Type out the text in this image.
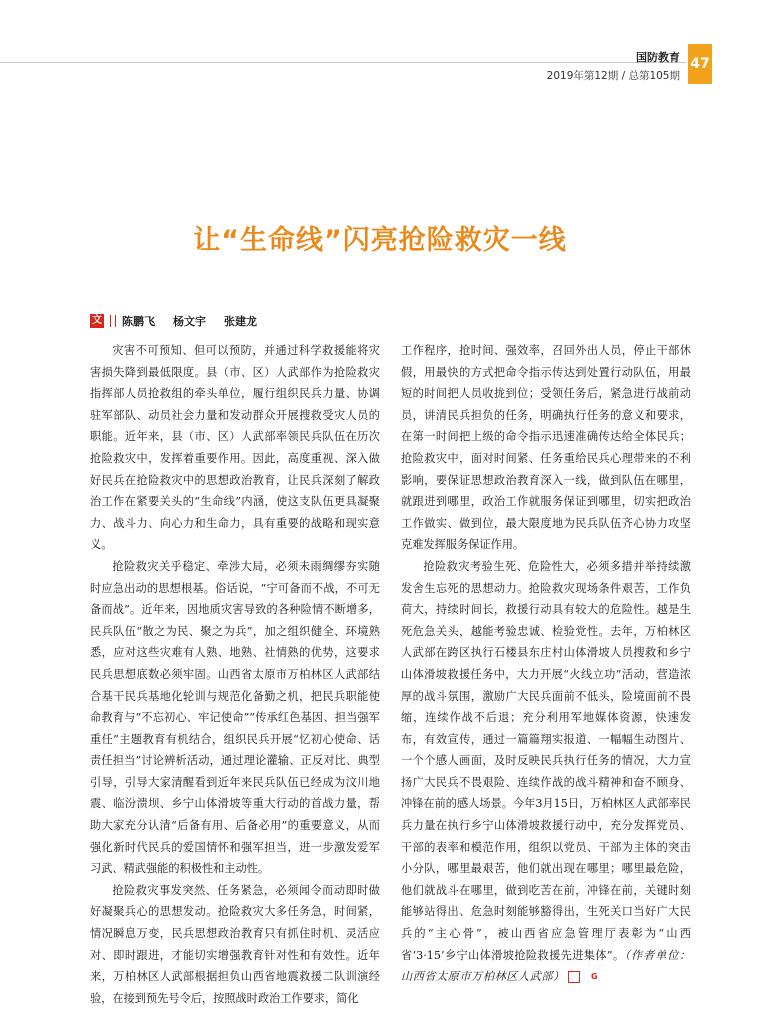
国防教育
2019年第12期 / 总第105期
47
让“生命线”闪亮抢险救灾一线
文 陈鹏飞 杨文宇 张建龙

灾害不可预知、但可以预防，并通过科学救援能将灾害损失降到最低限度。县（市、区）人武部作为抢险救灾指挥部人员抢救组的牵头单位，履行组织民兵力量、协调驻军部队、动员社会力量和发动群众开展搜救受灾人员的职能。近年来，县（市、区）人武部率领民兵队伍在历次抢险救灾中，发挥着重要作用。因此，高度重视、深入做好民兵在抢险救灾中的思想政治教育，让民兵深刻了解政治工作在紧要关头的“生命线”内涵，使这支队伍更具凝聚力、战斗力、向心力和生命力，具有重要的战略和现实意义。

抢险救灾关乎稳定、牵涉大局，必须未雨绸缪夯实随时应急出动的思想根基。俗话说，“宁可备而不战，不可无备而战”。近年来，因地质灾害导致的各种险情不断增多，民兵队伍“散之为民、聚之为兵”，加之组织健全、环境熟悉，应对这些灾难有人熟、地熟、社情熟的优势，这要求民兵思想底数必须牢固。山西省太原市万柏林区人武部结合基干民兵基地化轮训与规范化备勤之机，把民兵职能使命教育与“不忘初心、牢记使命”“传承红色基因、担当强军重任”主题教育有机结合，组织民兵开展“忆初心使命、话责任担当”讨论辨析活动，通过理论灌输、正反对比、典型引导，引导大家清醒看到近年来民兵队伍已经成为汶川地震、临汾溃坝、乡宁山体滑坡等重大行动的首战力量，帮助大家充分认清“后备有用、后备必用”的重要意义，从而强化新时代民兵的爱国情怀和强军担当，进一步激发爱军习武、精武强能的积极性和主动性。

抢险救灾事发突然、任务紧急，必须闻令而动即时做好凝聚兵心的思想发动。抢险救灾大多任务急，时间紧，情况瞬息万变，民兵思想政治教育只有抓住时机、灵活应对、即时跟进，才能切实增强教育针对性和有效性。近年来，万柏林区人武部根据担负山西省地震救援二队训演经验，在接到预先号令后，按照战时政治工作要求，简化

工作程序，抢时间、强效率，召回外出人员，停止干部休假，用最快的方式把命令指示传达到处置行动队伍，用最短的时间把人员收拢到位；受领任务后，紧急进行战前动员，讲清民兵担负的任务，明确执行任务的意义和要求，在第一时间把上级的命令指示迅速准确传达给全体民兵；抢险救灾中，面对时间紧、任务重给民兵心理带来的不利影响，要保证思想政治教育深入一线，做到队伍在哪里，就跟进到哪里，政治工作就服务保证到哪里，切实把政治工作做实、做到位，最大限度地为民兵队伍齐心协力攻坚克难发挥服务保证作用。

抢险救灾考验生死、危险性大，必须多措并举持续激发舍生忘死的思想动力。抢险救灾现场条件艰苦，工作负荷大，持续时间长，救援行动具有较大的危险性。越是生死危急关头，越能考验忠诚、检验党性。去年，万柏林区人武部在跨区执行石楼县东庄村山体滑坡人员搜救和乡宁山体滑坡救援任务中，大力开展“火线立功”活动，营造浓厚的战斗氛围，激励广大民兵面前不低头，险境面前不畏缩，连续作战不后退；充分利用军地媒体资源，快速发布，有效宣传，通过一篇篇翔实报道、一幅幅生动图片、一个个感人画面，及时反映民兵执行任务的情况，大力宣扬广大民兵不畏艰险、连续作战的战斗精神和奋不顾身、冲锋在前的感人场景。今年3月15日，万柏林区人武部率民兵力量在执行乡宁山体滑坡救援行动中，充分发挥党员、干部的表率和模范作用，组织以党员、干部为主体的突击小分队，哪里最艰苦，他们就出现在哪里；哪里最危险，他们就战斗在哪里，做到吃苦在前，冲锋在前，关键时刻能够站得出、危急时刻能够豁得出，生死关口当好广大民兵的“主心骨”，被山西省应急管理厅表彰为“山西省‘3·15’乡宁山体滑坡抢险救援先进集体”。（作者单位：山西省太原市万柏林区人武部）	G
